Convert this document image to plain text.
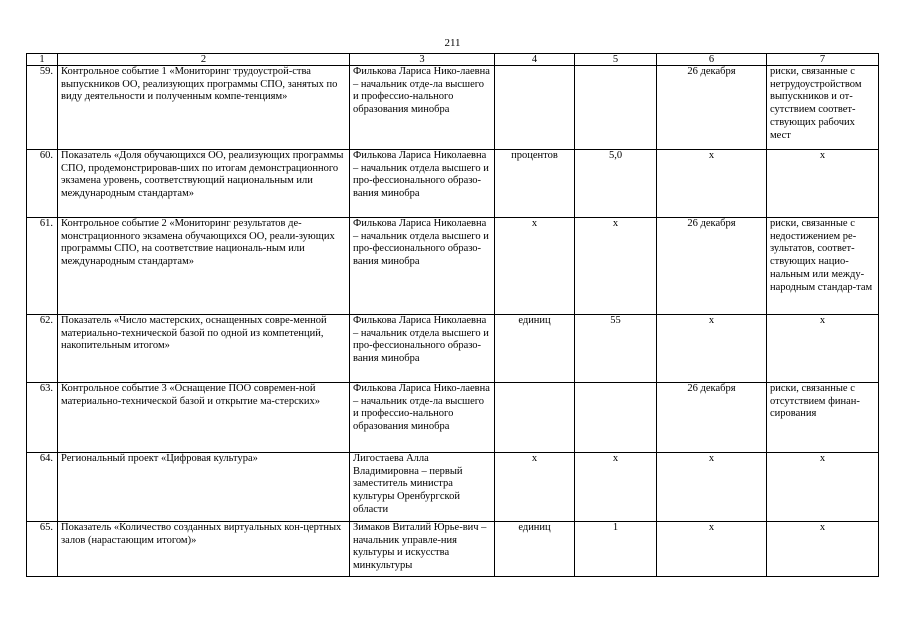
211
1	2	3	4	5	6	7
59.	Контрольное событие 1 «Мониторинг трудоустрой-ства выпускников ОО, реализующих программы СПО, занятых по виду деятельности и полученным компе-тенциям»	Филькова Лариса Нико-лаевна – начальник отде-ла высшего и профессио-нального образования минобра			26 декабря	риски, связанные с нетрудоустройством выпускников и от-сутствием соответ-ствующих рабочих мест
60.	Показатель «Доля обучающихся ОО, реализующих программы СПО, продемонстрировав-ших по итогам демонстрационного экзамена уровень, соответствующий национальным или международным стандартам»	Филькова Лариса Николаевна – начальник отдела высшего и про-фессионального образо-вания минобра	процентов	5,0	х	х
61.	Контрольное событие 2 «Мониторинг результатов де-монстрационного экзамена обучающихся ОО, реали-зующих программы СПО, на соответствие националь-ным или международным стандартам»	Филькова Лариса Николаевна – начальник отдела высшего и про-фессионального образо-вания минобра	х	х	26 декабря	риски, связанные с недостижением ре-зультатов, соответ-ствующих нацио-нальным или между-народным стандар-там
62.	Показатель «Число мастерских, оснащенных совре-менной материально-технической базой по одной из компетенций, накопительным итогом»	Филькова Лариса Николаевна – начальник отдела высшего и про-фессионального образо-вания минобра	единиц	55	х	х
63.	Контрольное событие 3 «Оснащение ПОО современ-ной материально-технической базой и открытие ма-стерских»	Филькова Лариса Нико-лаевна – начальник отде-ла высшего и профессио-нального образования минобра			26 декабря	риски, связанные с отсутствием финан-сирования
64.	Региональный проект «Цифровая культура»	Лигостаева Алла Владимировна – первый заместитель министра культуры Оренбургской области	х	х	х	х
65.	Показатель «Количество созданных виртуальных кон-цертных залов (нарастающим итогом)»	Зимаков Виталий Юрье-вич – начальник управле-ния культуры и искусства минкультуры	единиц	1	х	х
